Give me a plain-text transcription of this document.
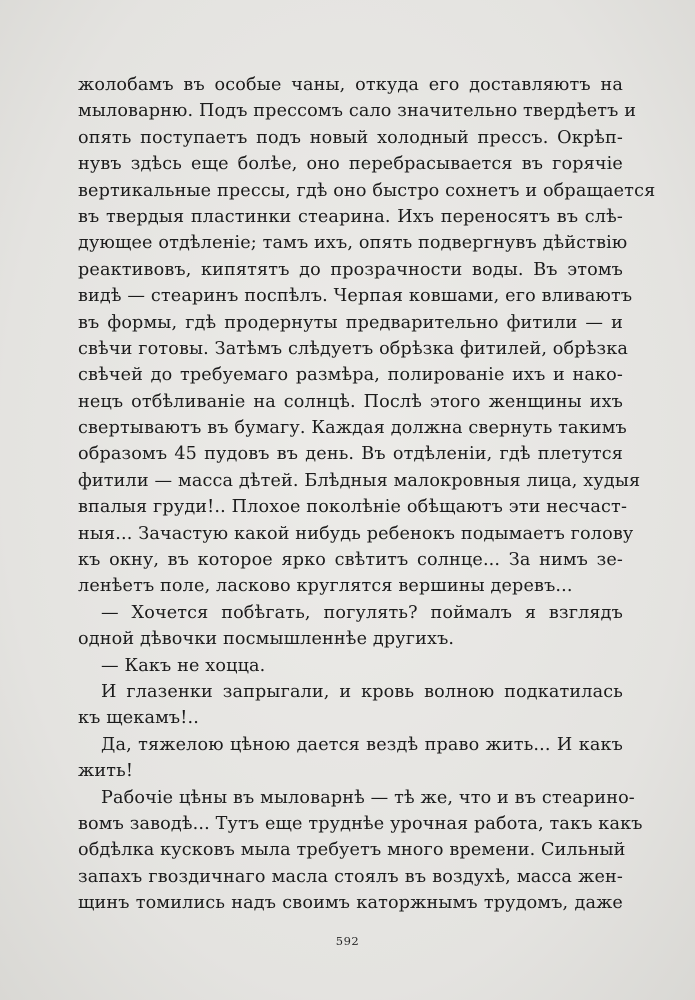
жолобамъ въ особые чаны, откуда его доставляютъ на
мыловарню. Подъ прессомъ сало значительно твердѣетъ и
опять поступаетъ подъ новый холодный прессъ. Окрѣп-
нувъ здѣсь еще болѣе, оно перебрасывается въ горячіе
вертикальные прессы, гдѣ оно быстро сохнетъ и обращается
въ твердыя пластинки стеарина. Ихъ переносятъ въ слѣ-
дующее отдѣленіе; тамъ ихъ, опять подвергнувъ дѣйствію
реактивовъ, кипятятъ до прозрачности воды. Въ этомъ
видѣ — стеаринъ поспѣлъ. Черпая ковшами, его вливаютъ
въ формы, гдѣ продернуты предварительно фитили — и
свѣчи готовы. Затѣмъ слѣдуетъ обрѣзка фитилей, обрѣзка
свѣчей до требуемаго размѣра, полированіе ихъ и нако-
нецъ отбѣливаніе на солнцѣ. Послѣ этого женщины ихъ
свертываютъ въ бумагу. Каждая должна свернуть такимъ
образомъ 45 пудовъ въ день. Въ отдѣленіи, гдѣ плетутся
фитили — масса дѣтей. Блѣдныя малокровныя лица, худыя
впалыя груди!.. Плохое поколѣніе обѣщаютъ эти несчаст-
ныя... Зачастую какой нибудь ребенокъ подымаетъ голову
къ окну, въ которое ярко свѣтитъ солнце... За нимъ зе-
ленѣетъ поле, ласково круглятся вершины деревъ...
— Хочется побѣгать, погулять? поймалъ я взглядъ
одной дѣвочки посмышленнѣе другихъ.
— Какъ не хоцца.
И глазенки запрыгали, и кровь волною подкатилась
къ щекамъ!..
Да, тяжелою цѣною дается вездѣ право жить... И какъ
жить!
Рабочіе цѣны въ мыловарнѣ — тѣ же, что и въ стеарино-
вомъ заводѣ... Тутъ еще труднѣе урочная работа, такъ какъ
обдѣлка кусковъ мыла требуетъ много времени. Сильный
запахъ гвоздичнаго масла стоялъ въ воздухѣ, масса жен-
щинъ томились надъ своимъ каторжнымъ трудомъ, даже
592
